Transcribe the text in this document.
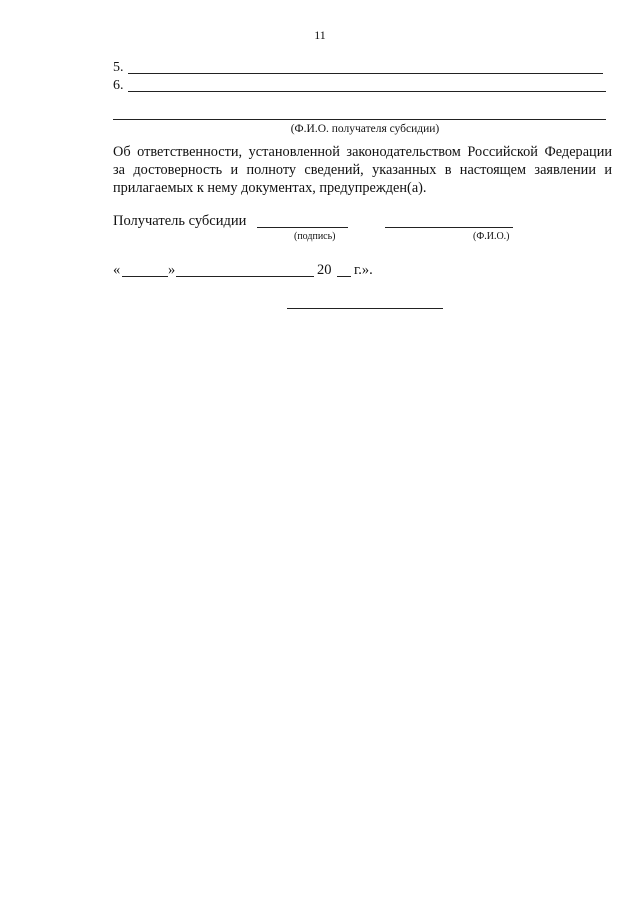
11
5.
6.
(Ф.И.О. получателя субсидии)

Об ответственности, установленной законодательством Российской Федерации за достоверность и полноту сведений, указанных в настоящем заявлении и прилагаемых к нему документах, предупрежден(а).

Получатель субсидии
(подпись)	(Ф.И.О.)
«	»	20 г.».
